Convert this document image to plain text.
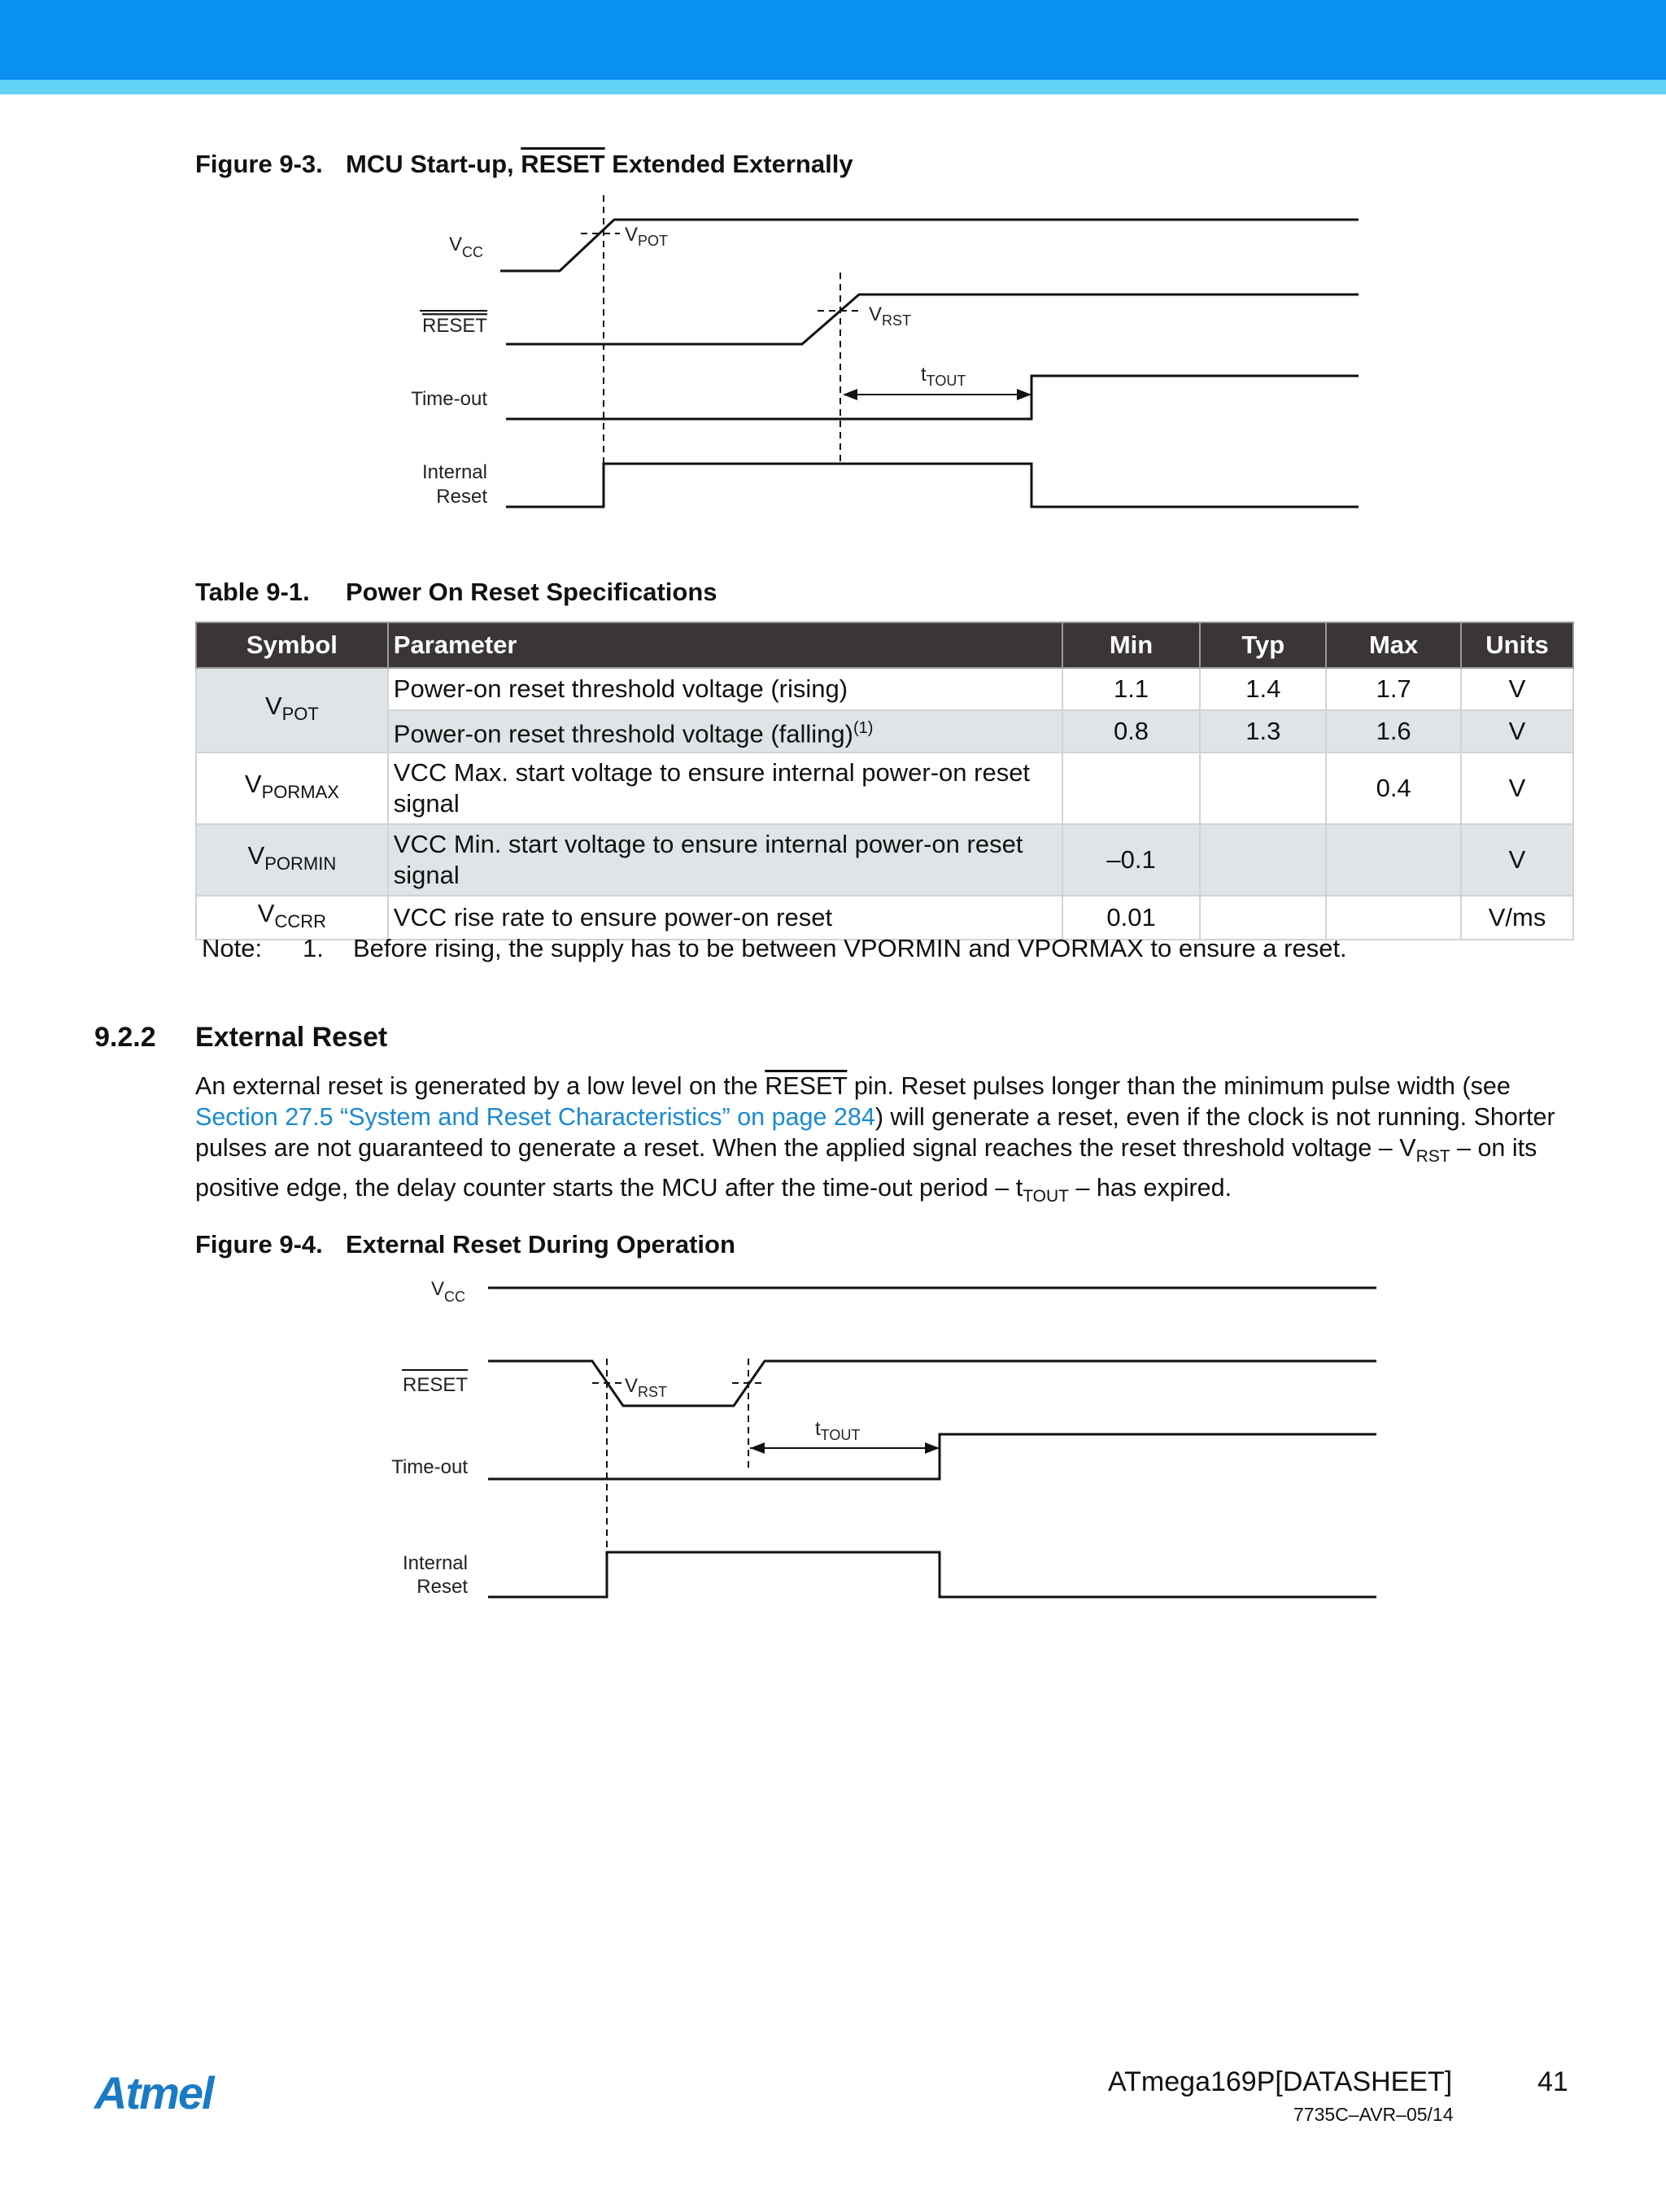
Figure 9-3. MCU Start-up, RESET Extended Externally
$V_{CC}$
RESET
Time-out
Internal
Reset
$V_{POT}$
$V_{RST}$
$t_{TOUT}$
Table 9-1. Power On Reset Specifications
Symbol	Parameter	Min	Typ	Max	Units
$V_{POT}$	Power-on reset threshold voltage (rising)	1.1	1.4	1.7	V
	Power-on reset threshold voltage (falling)$^{(1)}$	0.8	1.3	1.6	V
$V_{PORMAX}$	VCC Max. start voltage to ensure internal power-on reset signal			0.4	V
$V_{PORMIN}$	VCC Min. start voltage to ensure internal power-on reset signal	–0.1			V
$V_{CCRR}$	VCC rise rate to ensure power-on reset	0.01			V/ms
Note: 1. Before rising, the supply has to be between VPORMIN and VPORMAX to ensure a reset.
9.2.2 External Reset
An external reset is generated by a low level on the RESET pin. Reset pulses longer than the minimum pulse width (see Section 27.5 “System and Reset Characteristics” on page 284) will generate a reset, even if the clock is not running. Shorter pulses are not guaranteed to generate a reset. When the applied signal reaches the reset threshold voltage – $V_{RST}$ – on its positive edge, the delay counter starts the MCU after the time-out period – $t_{TOUT}$ – has expired.
Figure 9-4. External Reset During Operation
$V_{CC}$
RESET
Time-out
Internal
Reset
$V_{RST}$
$t_{TOUT}$
Atmel	ATmega169P[DATASHEET]	41
7735C–AVR–05/14
